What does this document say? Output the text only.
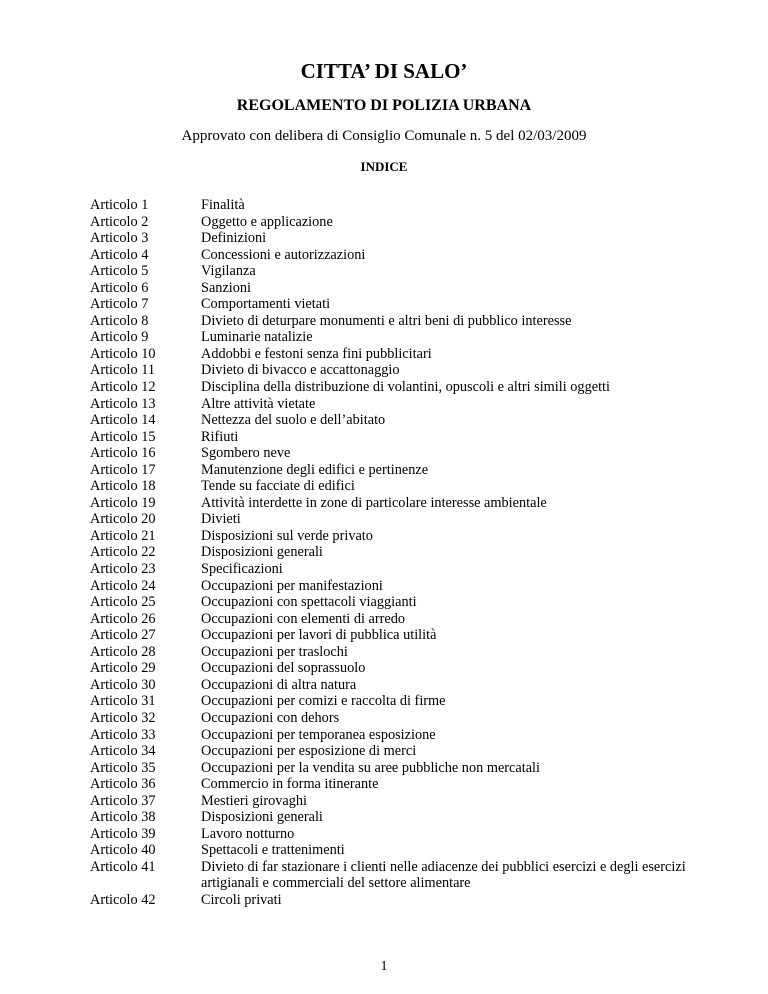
CITTA’ DI SALO’
REGOLAMENTO DI POLIZIA URBANA
Approvato con delibera di Consiglio Comunale n. 5 del 02/03/2009
INDICE
Articolo 1	Finalità
Articolo 2	Oggetto e applicazione
Articolo 3	Definizioni
Articolo 4	Concessioni e autorizzazioni
Articolo 5	Vigilanza
Articolo 6	Sanzioni
Articolo 7	Comportamenti vietati
Articolo 8	Divieto di deturpare monumenti e altri beni di pubblico interesse
Articolo 9	Luminarie natalizie
Articolo 10	Addobbi e festoni senza fini pubblicitari
Articolo 11	Divieto di bivacco e accattonaggio
Articolo 12	Disciplina della distribuzione di volantini, opuscoli e altri simili oggetti
Articolo 13	Altre attività vietate
Articolo 14	Nettezza del suolo e dell’abitato
Articolo 15	Rifiuti
Articolo 16	Sgombero neve
Articolo 17	Manutenzione degli edifici e pertinenze
Articolo 18	Tende su facciate di edifici
Articolo 19	Attività interdette in zone di particolare interesse ambientale
Articolo 20	Divieti
Articolo 21	Disposizioni sul verde privato
Articolo 22	Disposizioni generali
Articolo 23	Specificazioni
Articolo 24	Occupazioni per manifestazioni
Articolo 25	Occupazioni con spettacoli viaggianti
Articolo 26	Occupazioni con elementi di arredo
Articolo 27	Occupazioni per lavori di pubblica utilità
Articolo 28	Occupazioni per traslochi
Articolo 29	Occupazioni del soprassuolo
Articolo 30	Occupazioni di altra natura
Articolo 31	Occupazioni per comizi e raccolta di firme
Articolo 32	Occupazioni con dehors
Articolo 33	Occupazioni per temporanea esposizione
Articolo 34	Occupazioni per esposizione di merci
Articolo 35	Occupazioni per la vendita su aree pubbliche non mercatali
Articolo 36	Commercio in forma itinerante
Articolo 37	Mestieri girovaghi
Articolo 38	Disposizioni generali
Articolo 39	Lavoro notturno
Articolo 40	Spettacoli e trattenimenti
Articolo 41	Divieto di far stazionare i clienti nelle adiacenze dei pubblici esercizi e degli esercizi artigianali e commerciali del settore alimentare
Articolo 42	Circoli privati
1
